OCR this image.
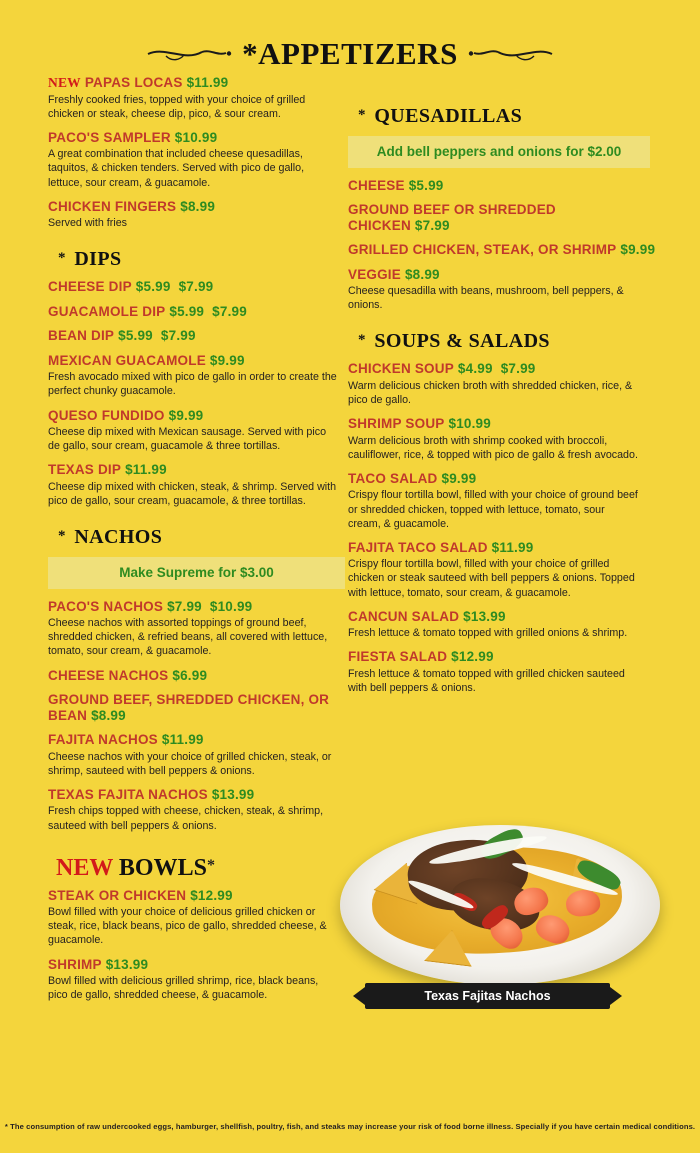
*APPETIZERS
NEW PAPAS LOCAS $11.99
Freshly cooked fries, topped with your choice of grilled chicken or steak, cheese dip, pico, & sour cream.
PACO'S SAMPLER $10.99
A great combination that included cheese quesadillas, taquitos, & chicken tenders. Served with pico de gallo, lettuce, sour cream, & guacamole.
CHICKEN FINGERS $8.99
Served with fries
* DIPS
CHEESE DIP $5.99 $7.99
GUACAMOLE DIP $5.99 $7.99
BEAN DIP $5.99 $7.99
MEXICAN GUACAMOLE $9.99
Fresh avocado mixed with pico de gallo in order to create the perfect chunky guacamole.
QUESO FUNDIDO $9.99
Cheese dip mixed with Mexican sausage. Served with pico de gallo, sour cream, guacamole & three tortillas.
TEXAS DIP $11.99
Cheese dip mixed with chicken, steak, & shrimp. Served with pico de gallo, sour cream, guacamole, & three tortillas.
* NACHOS
Make Supreme for $3.00
PACO'S NACHOS $7.99 $10.99
Cheese nachos with assorted toppings of ground beef, shredded chicken, & refried beans, all covered with lettuce, tomato, sour cream, & guacamole.
CHEESE NACHOS $6.99
GROUND BEEF, SHREDDED CHICKEN, OR BEAN $8.99
FAJITA NACHOS $11.99
Cheese nachos with your choice of grilled chicken, steak, or shrimp, sauteed with bell peppers & onions.
TEXAS FAJITA NACHOS $13.99
Fresh chips topped with cheese, chicken, steak, & shrimp, sauteed with bell peppers & onions.
NEW BOWLS*
STEAK OR CHICKEN $12.99
Bowl filled with your choice of delicious grilled chicken or steak, rice, black beans, pico de gallo, shredded cheese, & guacamole.
SHRIMP $13.99
Bowl filled with delicious grilled shrimp, rice, black beans, pico de gallo, shredded cheese, & guacamole.
* QUESADILLAS
Add bell peppers and onions for $2.00
CHEESE $5.99
GROUND BEEF OR SHREDDED CHICKEN $7.99
GRILLED CHICKEN, STEAK, OR SHRIMP $9.99
VEGGIE $8.99
Cheese quesadilla with beans, mushroom, bell peppers, & onions.
* SOUPS & SALADS
CHICKEN SOUP $4.99 $7.99
Warm delicious chicken broth with shredded chicken, rice, & pico de gallo.
SHRIMP SOUP $10.99
Warm delicious broth with shrimp cooked with broccoli, cauliflower, rice, & topped with pico de gallo & fresh avocado.
TACO SALAD $9.99
Crispy flour tortilla bowl, filled with your choice of ground beef or shredded chicken, topped with lettuce, tomato, sour cream, & guacamole.
FAJITA TACO SALAD $11.99
Crispy flour tortilla bowl, filled with your choice of grilled chicken or steak sauteed with bell peppers & onions. Topped with lettuce, tomato, sour cream, & guacamole.
CANCUN SALAD $13.99
Fresh lettuce & tomato topped with grilled onions & shrimp.
FIESTA SALAD $12.99
Fresh lettuce & tomato topped with grilled chicken sauteed with bell peppers & onions.
Texas Fajitas Nachos
* The consumption of raw undercooked eggs, hamburger, shellfish, poultry, fish, and steaks may increase your risk of food borne illness. Specially if you have certain medical conditions.
